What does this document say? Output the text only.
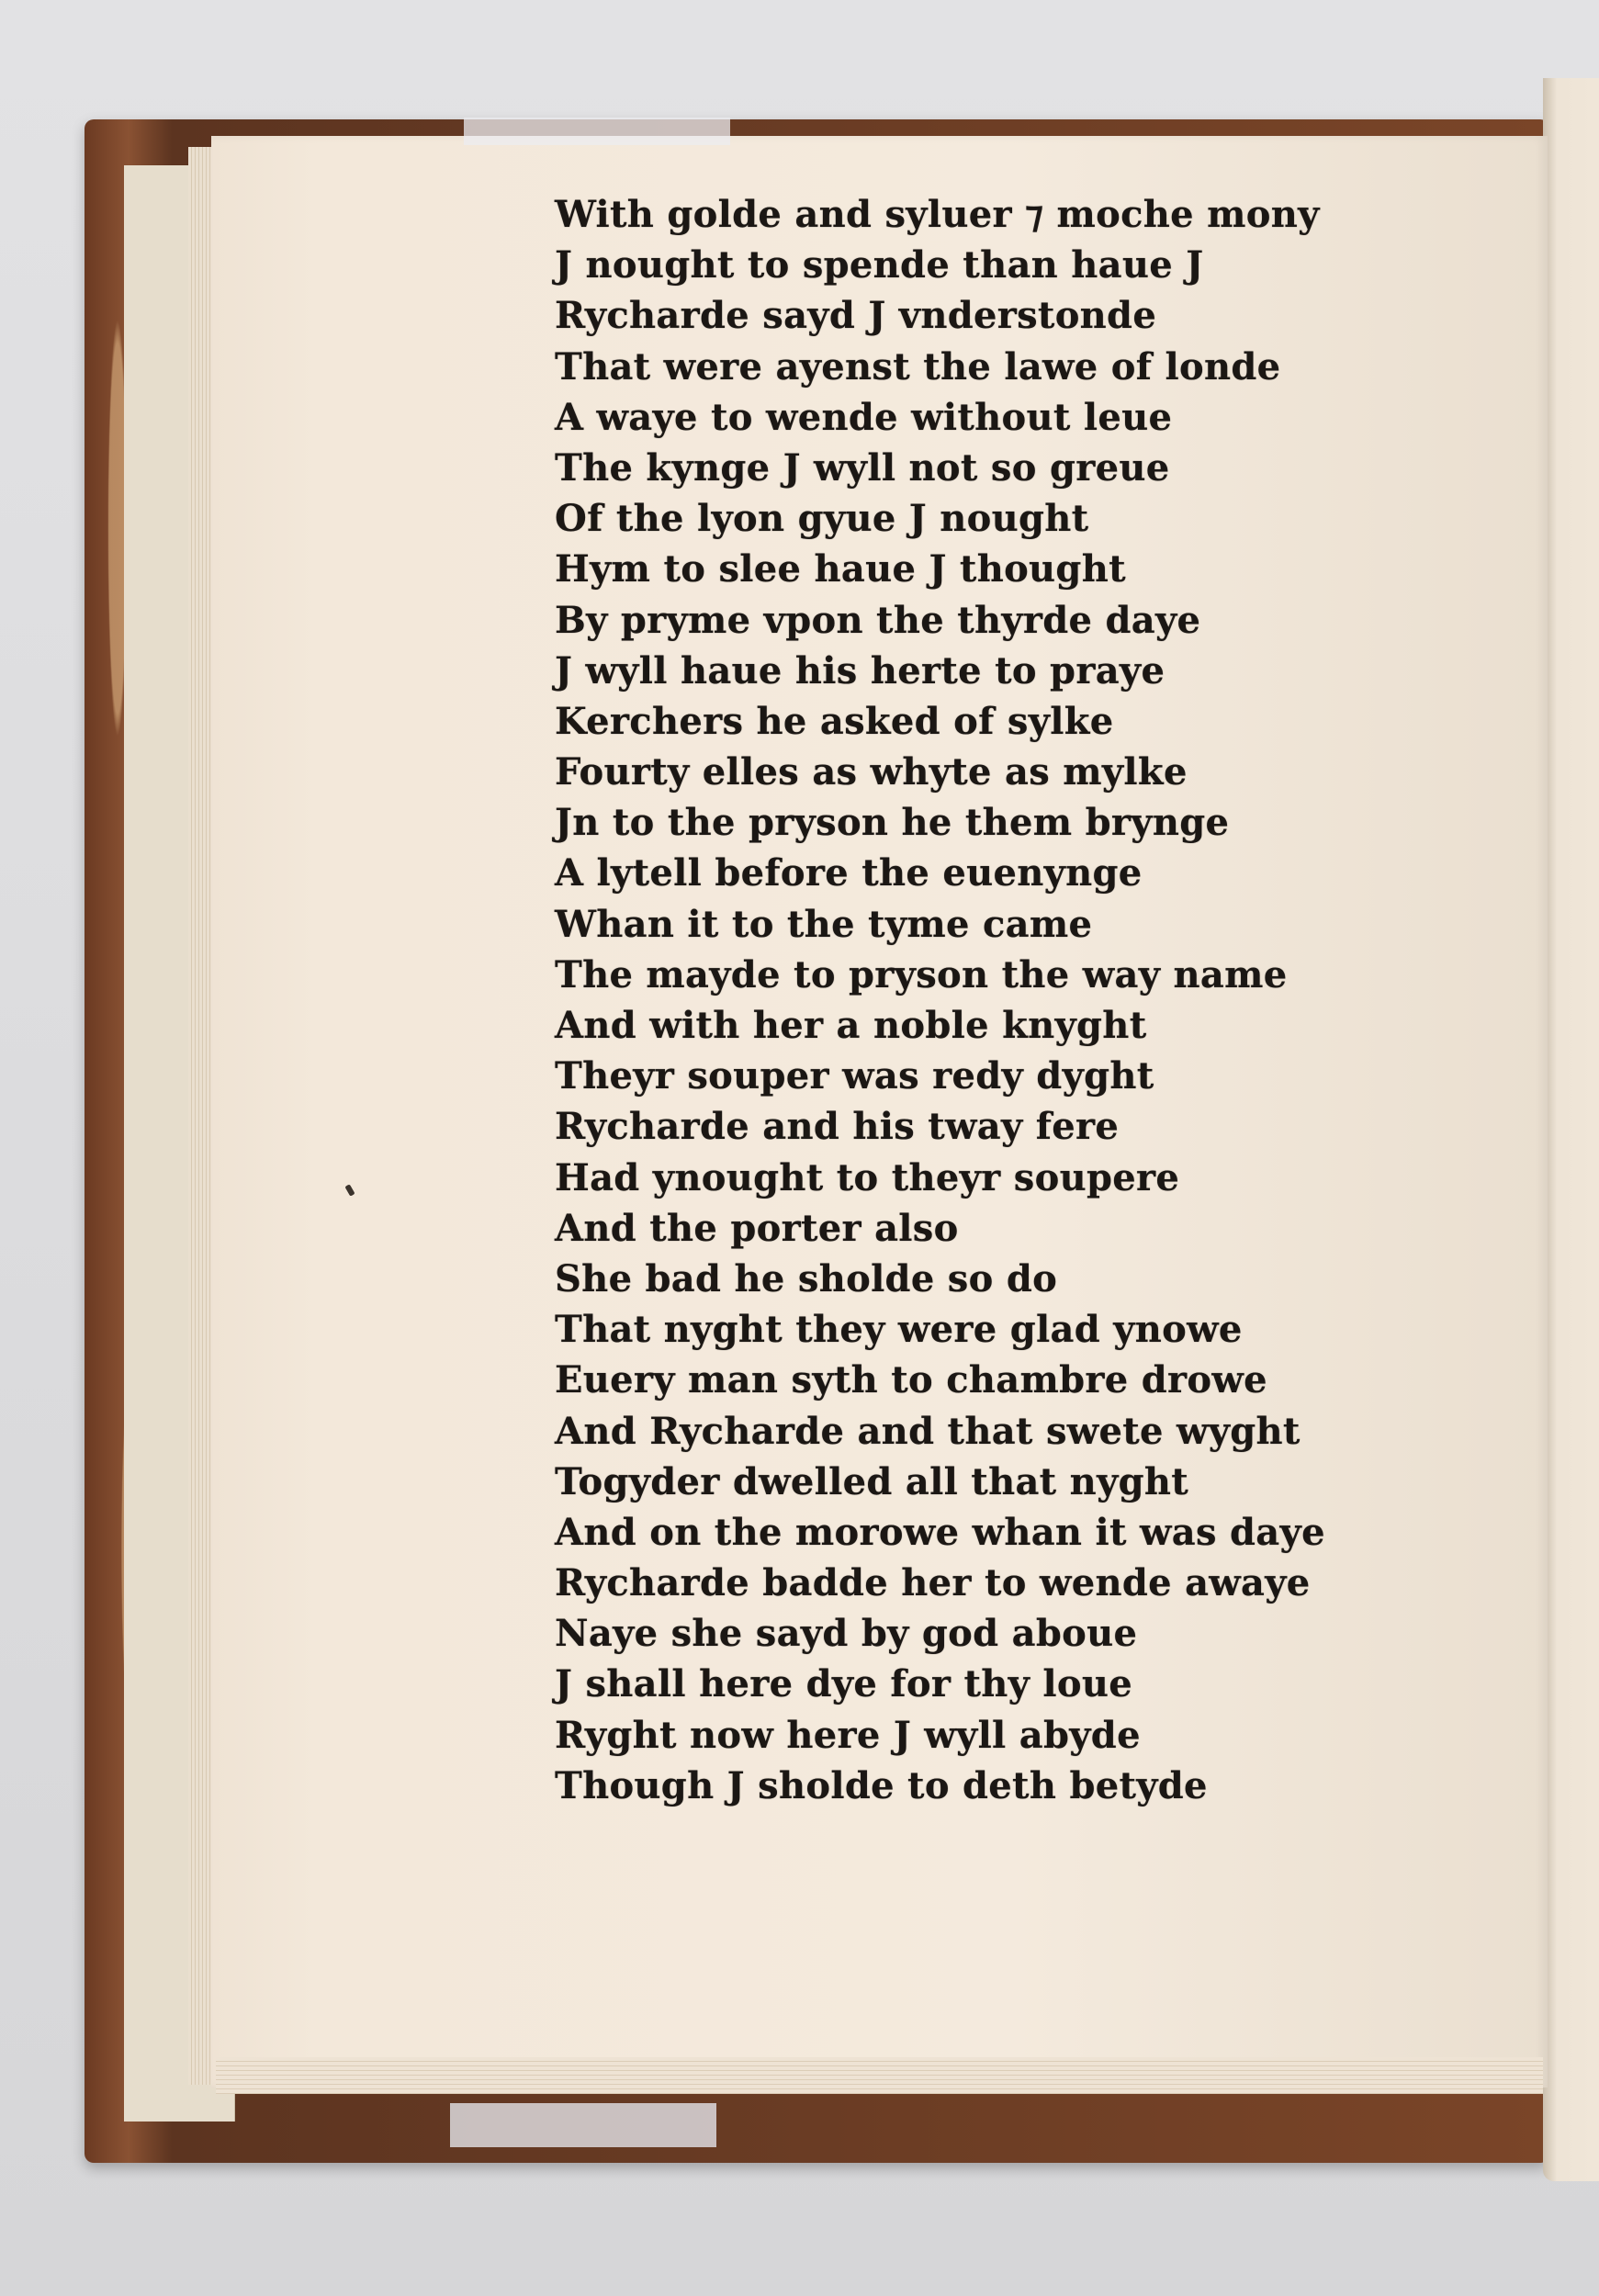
With golde and syluer ⁊ moche mony
J nought to spende than haue J
Rycharde sayd J vnderstonde
That were ayenst the lawe of londe
A waye to wende without leue
The kynge J wyll not so greue
Of the lyon gyue J nought
Hym to slee haue J thought
By pryme vpon the thyrde daye
J wyll haue his herte to praye
Kerchers he asked of sylke
Fourty elles as whyte as mylke
Jn to the pryson he them brynge
A lytell before the euenynge
Whan it to the tyme came
The mayde to pryson the way name
And with her a noble knyght
Theyr souper was redy dyght
Rycharde and his tway fere
Had ynought to theyr soupere
And the porter also
She bad he sholde so do
That nyght they were glad ynowe
Euery man syth to chambre drowe
And Rycharde and that swete wyght
Togyder dwelled all that nyght
And on the morowe whan it was daye
Rycharde badde her to wende awaye
Naye she sayd by god aboue
J shall here dye for thy loue
Ryght now here J wyll abyde
Though J sholde to deth betyde
